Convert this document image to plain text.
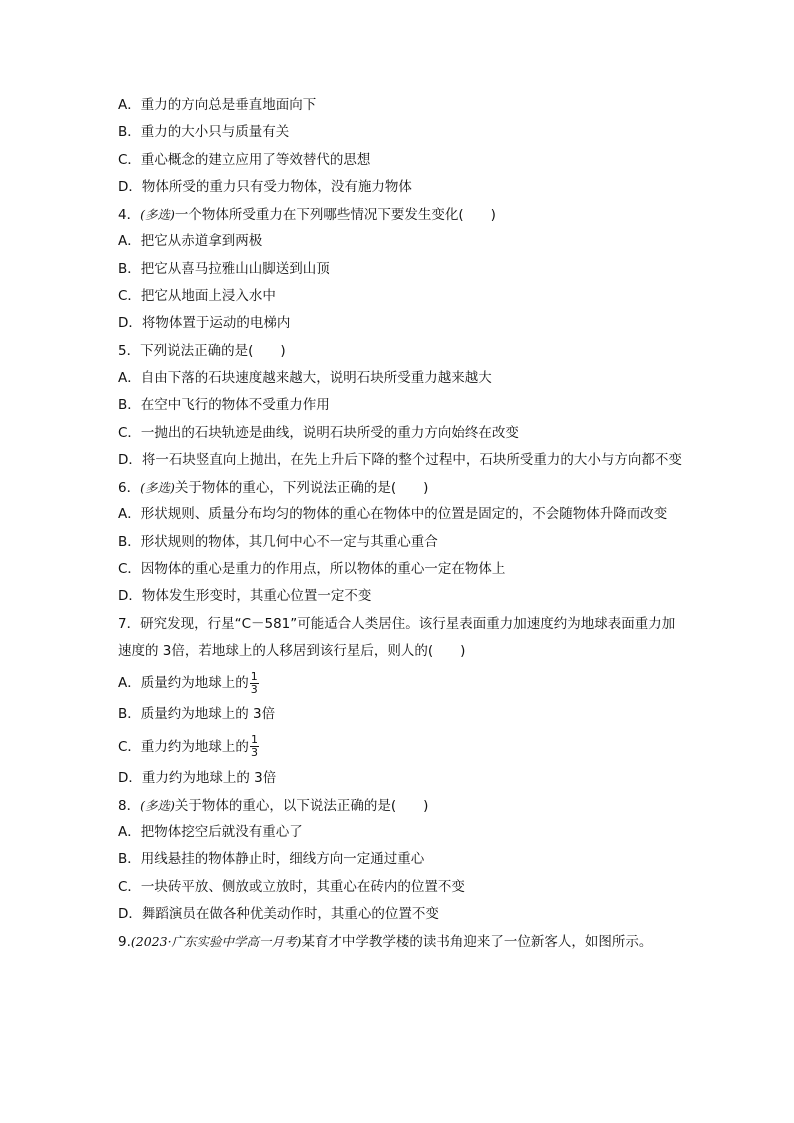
A．重力的方向总是垂直地面向下
B．重力的大小只与质量有关
C．重心概念的建立应用了等效替代的思想
D．物体所受的重力只有受力物体，没有施力物体
4．(多选)一个物体所受重力在下列哪些情况下要发生变化(　　)
A．把它从赤道拿到两极
B．把它从喜马拉雅山山脚送到山顶
C．把它从地面上浸入水中
D．将物体置于运动的电梯内
5．下列说法正确的是(　　)
A．自由下落的石块速度越来越大，说明石块所受重力越来越大
B．在空中飞行的物体不受重力作用
C．一抛出的石块轨迹是曲线，说明石块所受的重力方向始终在改变
D．将一石块竖直向上抛出，在先上升后下降的整个过程中，石块所受重力的大小与方向都不变
6．(多选)关于物体的重心，下列说法正确的是(　　)
A．形状规则、质量分布均匀的物体的重心在物体中的位置是固定的，不会随物体升降而改变
B．形状规则的物体，其几何中心不一定与其重心重合
C．因物体的重心是重力的作用点，所以物体的重心一定在物体上
D．物体发生形变时，其重心位置一定不变
7．研究发现，行星“C－581”可能适合人类居住。该行星表面重力加速度约为地球表面重力加速度的 3倍，若地球上的人移居到该行星后，则人的(　　)
A．质量约为地球上的 $\frac{1}{3}$
B．质量约为地球上的 3倍
C．重力约为地球上的 $\frac{1}{3}$
D．重力约为地球上的 3倍
8．(多选)关于物体的重心，以下说法正确的是(　　)
A．把物体挖空后就没有重心了
B．用线悬挂的物体静止时，细线方向一定通过重心
C．一块砖平放、侧放或立放时，其重心在砖内的位置不变
D．舞蹈演员在做各种优美动作时，其重心的位置不变
9.(2023·广东实验中学高一月考)某育才中学教学楼的读书角迎来了一位新客人，如图所示。
